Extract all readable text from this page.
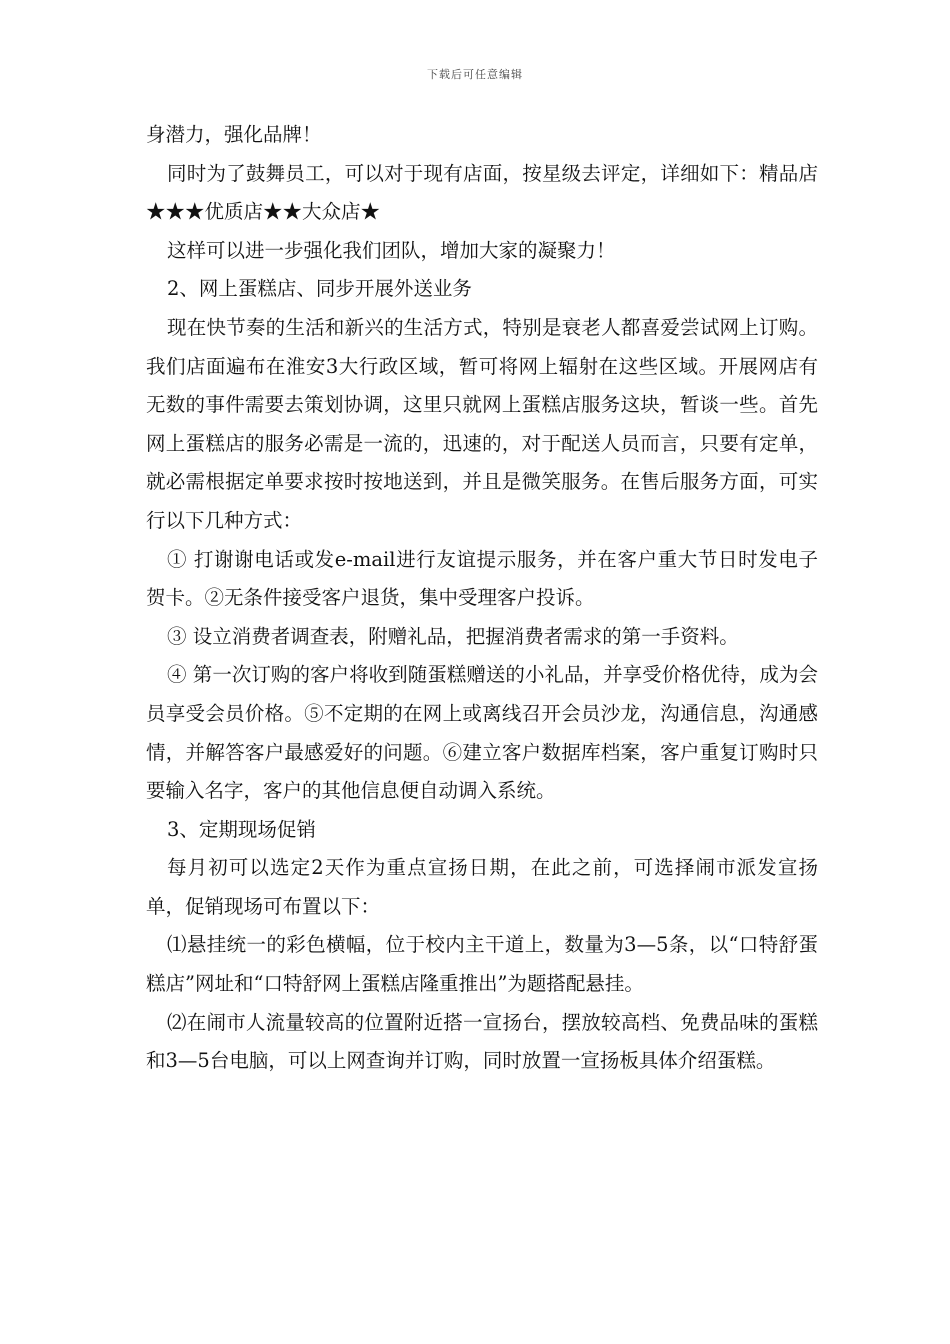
下载后可任意编辑

身潜力，强化品牌！

同时为了鼓舞员工，可以对于现有店面，按星级去评定，详细如下：精品店★★★优质店★★大众店★

这样可以进一步强化我们团队，增加大家的凝聚力！

2、网上蛋糕店、同步开展外送业务

现在快节奏的生活和新兴的生活方式，特别是衰老人都喜爱尝试网上订购。我们店面遍布在淮安3大行政区域，暂可将网上辐射在这些区域。开展网店有无数的事件需要去策划协调，这里只就网上蛋糕店服务这块，暂谈一些。首先网上蛋糕店的服务必需是一流的，迅速的，对于配送人员而言，只要有定单，就必需根据定单要求按时按地送到，并且是微笑服务。在售后服务方面，可实行以下几种方式：

① 打谢谢电话或发e-mail进行友谊提示服务，并在客户重大节日时发电子贺卡。②无条件接受客户退货，集中受理客户投诉。

③ 设立消费者调查表，附赠礼品，把握消费者需求的第一手资料。

④ 第一次订购的客户将收到随蛋糕赠送的小礼品，并享受价格优待，成为会员享受会员价格。⑤不定期的在网上或离线召开会员沙龙，沟通信息，沟通感情，并解答客户最感爱好的问题。⑥建立客户数据库档案，客户重复订购时只要输入名字，客户的其他信息便自动调入系统。

3、定期现场促销

每月初可以选定2天作为重点宣扬日期，在此之前，可选择闹市派发宣扬单，促销现场可布置以下：

⑴悬挂统一的彩色横幅，位于校内主干道上，数量为3—5条，以“口特舒蛋糕店”网址和“口特舒网上蛋糕店隆重推出”为题搭配悬挂。

⑵在闹市人流量较高的位置附近搭一宣扬台，摆放较高档、免费品味的蛋糕和3—5台电脑，可以上网查询并订购，同时放置一宣扬板具体介绍蛋糕。
